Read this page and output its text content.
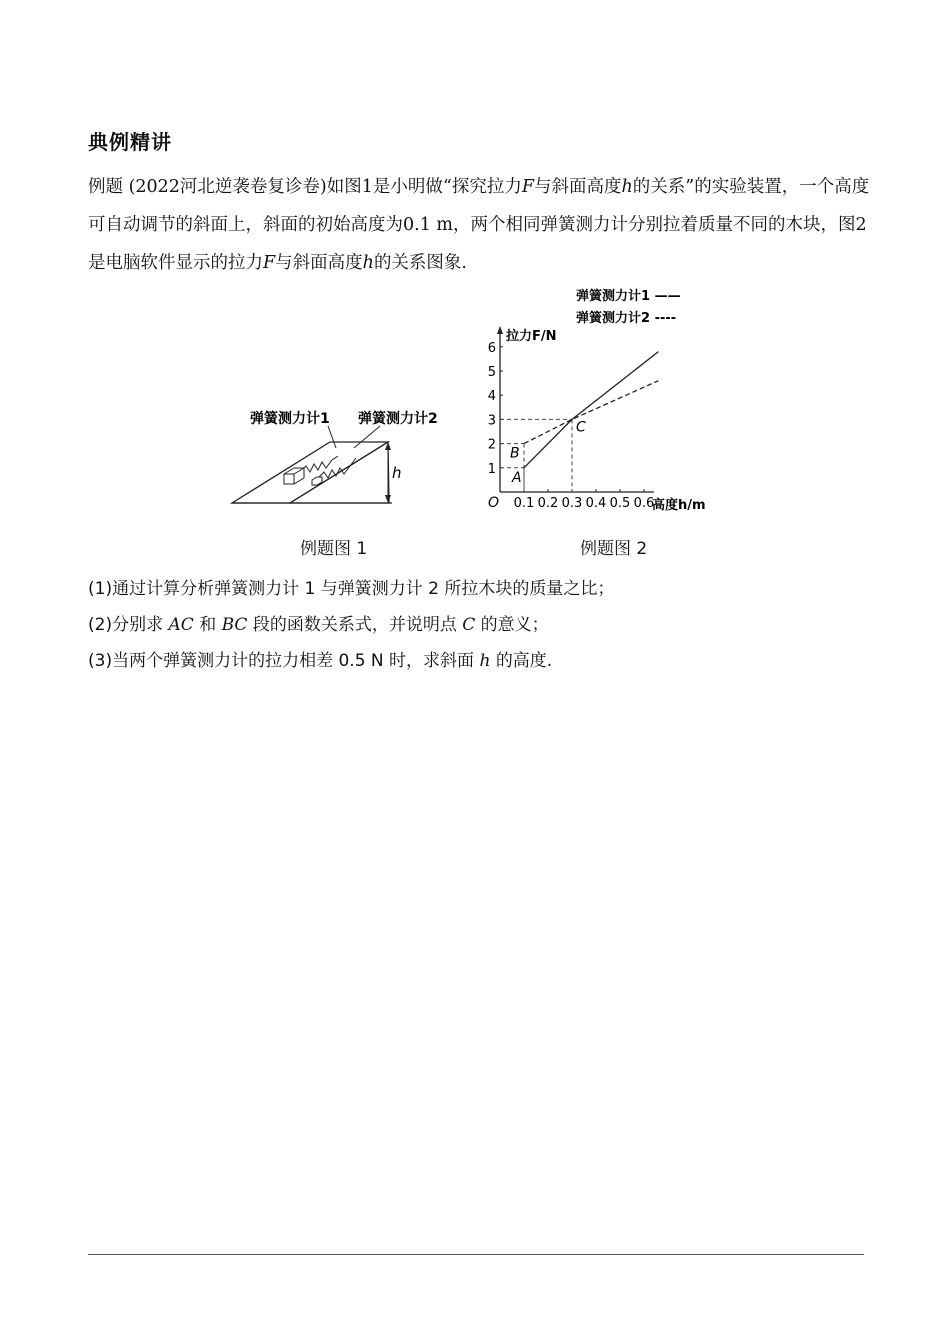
典例精讲
例题 (2022河北逆袭卷复诊卷)如图1是小明做“探究拉力F与斜面高度h的关系”的实验装置，一个高度可自动调节的斜面上，斜面的初始高度为0.1 m，两个相同弹簧测力计分别拉着质量不同的木块，图2是电脑软件显示的拉力F与斜面高度h的关系图象.
弹簧测力计1 弹簧测力计2
h
例题图 1
拉力F/N
高度h/m
O 0.1 0.2 0.3 0.4 0.5 0.6
1
2
3
4
5
6
A
B
C
弹簧测力计1 ——
弹簧测力计2 ----
例题图 2
(1)通过计算分析弹簧测力计 1 与弹簧测力计 2 所拉木块的质量之比；
(2)分别求 AC 和 BC 段的函数关系式，并说明点 C 的意义；
(3)当两个弹簧测力计的拉力相差 0.5 N 时，求斜面 h 的高度.
